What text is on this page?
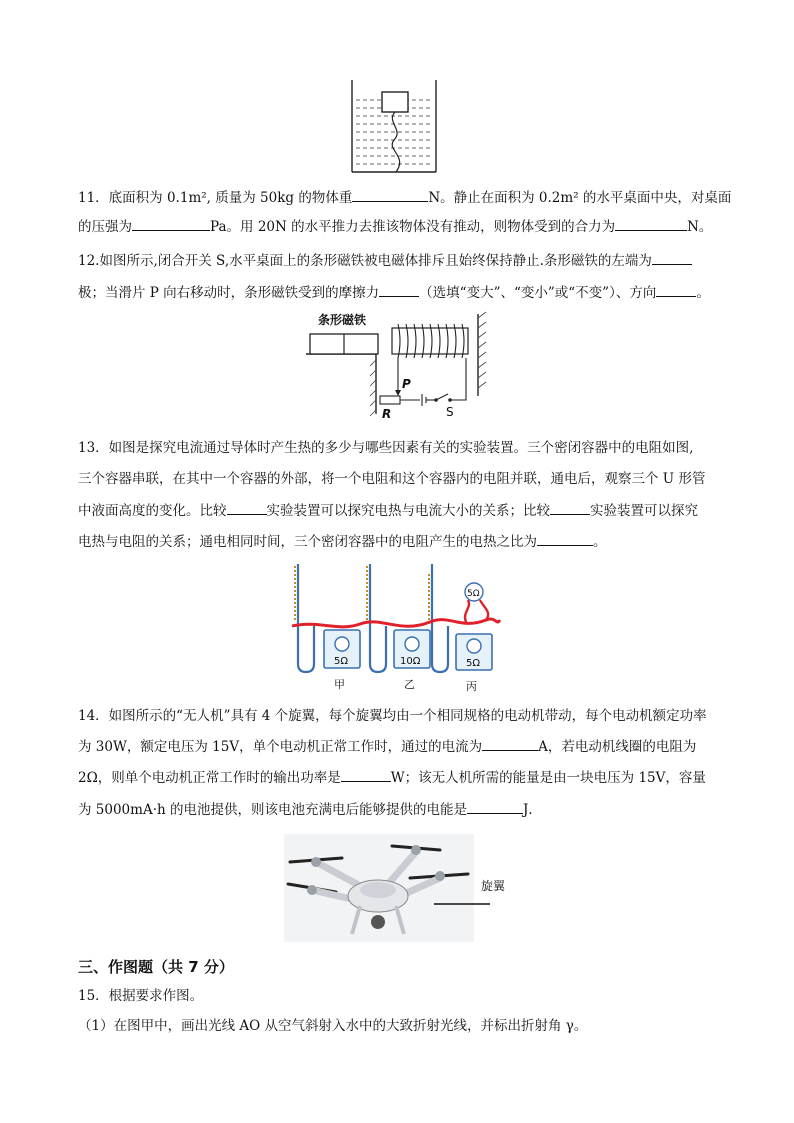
11．底面积为 0.1m², 质量为 50kg 的物体重	N。静止在面积为 0.2m² 的水平桌面中央，对桌面
的压强为	Pa。用 20N 的水平推力去推该物体没有推动，则物体受到的合力为	N。
12.如图所示,闭合开关 S,水平桌面上的条形磁铁被电磁体排斥且始终保持静止.条形磁铁的左端为
极；当滑片 P 向右移动时，条形磁铁受到的摩擦力	（选填“变大”、“变小”或“不变”）、方向	。
条形磁铁
P
R	S
13．如图是探究电流通过导体时产生热的多少与哪些因素有关的实验装置。三个密闭容器中的电阻如图,
三个容器串联，在其中一个容器的外部，将一个电阻和这个容器内的电阻并联，通电后，观察三个 U 形管
中液面高度的变化。比较	实验装置可以探究电热与电流大小的关系；比较	实验装置可以探究
电热与电阻的关系；通电相同时间，三个密闭容器中的电阻产生的电热之比为	。
5Ω
5Ω	10Ω	5Ω
甲	乙	丙
14．如图所示的“无人机”具有 4 个旋翼，每个旋翼均由一个相同规格的电动机带动，每个电动机额定功率
为 30W，额定电压为 15V，单个电动机正常工作时，通过的电流为	A，若电动机线圈的电阻为
2Ω，则单个电动机正常工作时的输出功率是	W；该无人机所需的能量是由一块电压为 15V，容量
为 5000mA·h 的电池提供，则该电池充满电后能够提供的电能是	J．
旋翼
三、作图题（共 7 分）
15．根据要求作图。
（1）在图甲中，画出光线 AO 从空气斜射入水中的大致折射光线，并标出折射角 γ。
